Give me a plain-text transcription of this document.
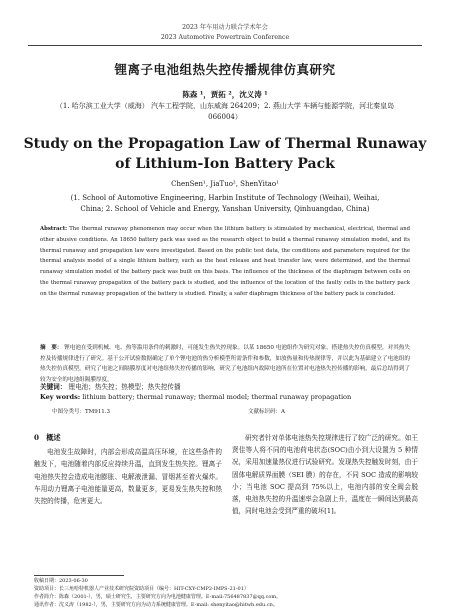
2023 年车用动力联合学术年会
2023 Automotive Powertrain Conference
锂离子电池组热失控传播规律仿真研究
陈森 ¹，贾拓 ²，沈义涛 ¹
（1. 哈尔滨工业大学（威海） 汽车工程学院，山东威海 264209；2. 燕山大学 车辆与能源学院，河北秦皇岛 066004）
Study on the Propagation Law of Thermal Runaway
of Lithium-Ion Battery Pack
ChenSen¹, JiaTuo², ShenYitao¹
(1. School of Automotive Engineering, Harbin Institute of Technology (Weihai), Weihai, China; 2. School of Vehicle and Energy, Yanshan University, Qinhuangdao, China)
Abstract: The thermal runaway phenomenon may occur when the lithium battery is stimulated by mechanical, electrical, thermal and other abusive conditions. An 18650 battery pack was used as the research object to build a thermal runaway simulation model, and its thermal runaway and propagation law were investigated. Based on the public test data, the conditions and parameters required for the thermal analysis model of a single lithium battery, such as the heat release and heat transfer law, were determined, and the thermal runaway simulation model of the battery pack was built on this basis. The influence of the thickness of the diaphragm between cells on the thermal runaway propagation of the battery pack is studied, and the influence of the location of the faulty cells in the battery pack on the thermal runaway propagation of the battery is studied. Finally, a safer diaphragm thickness of the battery pack is concluded.
摘　要： 锂电池在受到机械、电、热等滥用条件的刺激时，可能发生热失控现象。以某 18650 电池组作为研究对象，搭建热失控仿真模型，对其热失控及传播规律进行了研究。基于公开试验数据确定了单个锂电池的热分析模型所需条件和参数，如放热量和传热规律等，并以此为基础建立了电池组的热失控仿真模型。研究了电池之间隔膜厚度对电池组热失控传播的影响，研究了电池组内故障电池所在位置对电池热失控传播的影响，最后总结得到了较为安全的电池组隔膜厚度。
关键词： 锂电池；热失控；热模型；热失控传播
Key words: lithium battery; thermal runaway; thermal model; thermal runaway propagation
中图分类号：TM911.3	文献标识码：A
0　概述
电池发生故障时，内部会形成高温高压环境，在这些条件的触发下，电池随着内部反应持续升温，直到发生热失控。锂离子电池热失控会造成电池膨胀、电解液泄漏、冒烟甚至着火爆炸。车用动力锂离子电池能量更高，数量更多，更易发生热失控和热失控的传播，危害更大。
研究者针对单体电池热失控规律进行了较广泛的研究。如王贤佳等人将不同的电池荷电状态(SOC)由小到大设置为 5 种情况，采用加速量热仪进行试验研究。发现热失控触发时刻，由于固体电解质界面膜（SEI 膜）的存在，不同 SOC 造成的影响较小；当电池 SOC 提高到 75%以上，电池内部的安全阀会脱落，电池热失控的升温速率会急剧上升，温度在一瞬间达到最高值，同时电池会受到严重的破坏[1]。
收稿日期：2023-06-30
资助项目：长三角哈特机器人产业技术研究院资助项目（编号：HIT-CXY-CMP2-IMPS-21-01）
作者简介：陈森（2001-），男，硕士研究生，主要研究方向为电池健康管理。E-mail:756487837@qq.com。
通讯作者：沈义涛（1982-），男，主要研究方向为动力系统健康管理。E-mail: shenyitao@hitwh.edu.cn。
